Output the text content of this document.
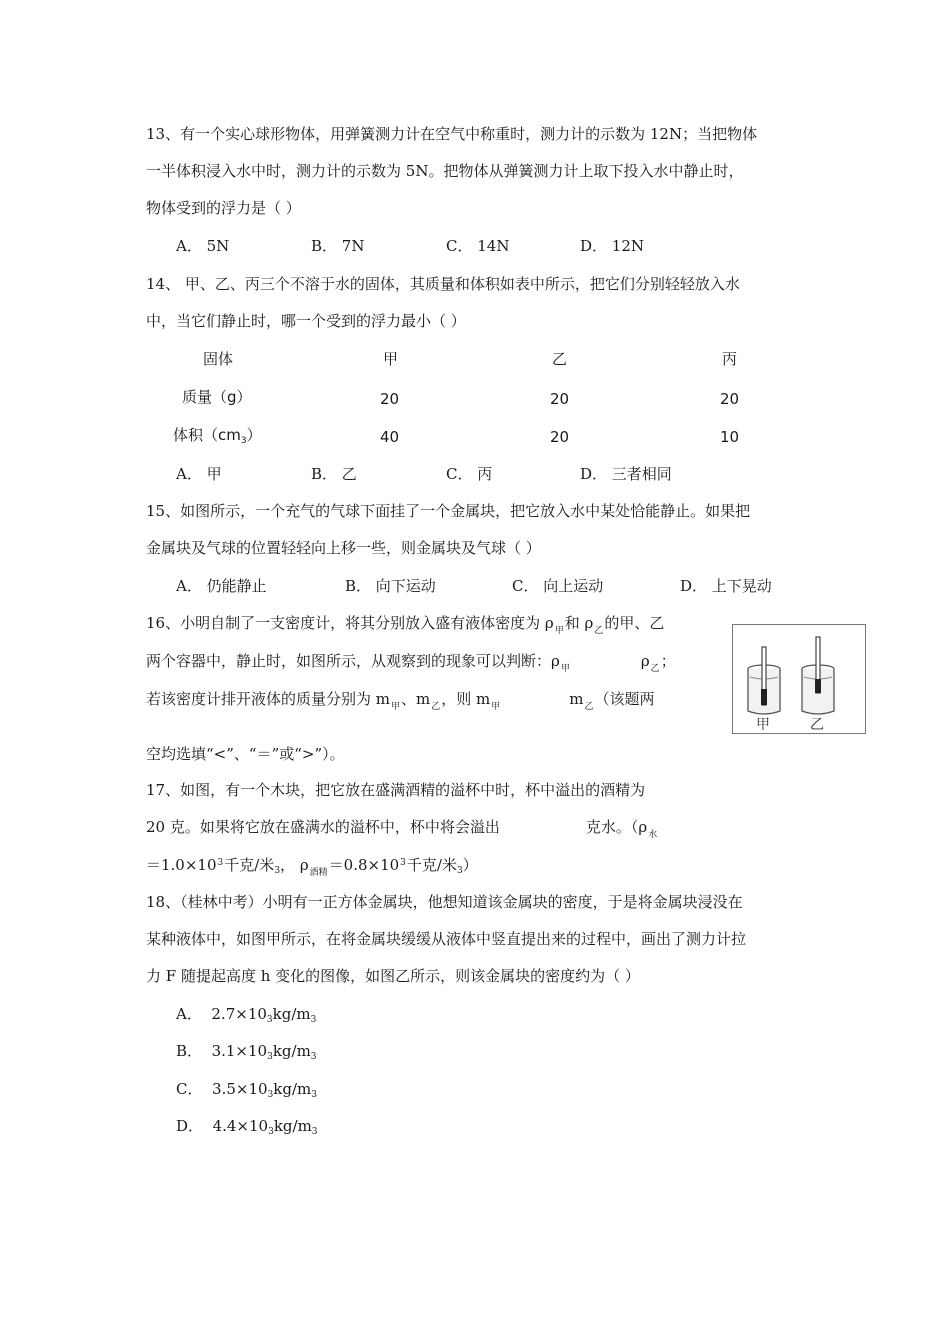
13、有一个实心球形物体，用弹簧测力计在空气中称重时，测力计的示数为 12N；当把物体
一半体积浸入水中时，测力计的示数为 5N。把物体从弹簧测力计上取下投入水中静止时，
物体受到的浮力是（ ）
A． 5N	B． 7N	C． 14N	D． 12N
14、 甲、乙、丙三个不溶于水的固体，其质量和体积如表中所示，把它们分别轻轻放入水
中，当它们静止时，哪一个受到的浮力最小（ ）
固体	甲	乙	丙
质量（g）	20	20	20
体积$(cm_3)$	40	20	10
A． 甲	B． 乙	C． 丙	D． 三者相同
15、如图所示，一个充气的气球下面挂了一个金属块，把它放入水中某处恰能静止。如果把
金属块及气球的位置轻轻向上移一些，则金属块及气球（ ）
A． 仍能静止	B． 向下运动	C． 向上运动	D． 上下晃动
16、小明自制了一支密度计，将其分别放入盛有液体密度为 $\rho_甲$和 $\rho_乙$的甲、乙
两个容器中，静止时，如图所示，从观察到的现象可以判断：$\rho_甲$	$\rho_乙$；
若该密度计排开液体的质量分别为 $m_甲$、$m_乙$，则 $m_甲$	$m_乙$（该题两
空均选填“<”、“＝”或“>”）。
甲	乙
17、如图，有一个木块，把它放在盛满酒精的溢杯中时，杯中溢出的酒精为
20 克。如果将它放在盛满水的溢杯中，杯中将会溢出	克水。（$\rho_水$
$=1.0\times 10^3$千克/米$_3$， $\rho_{酒精}=0.8\times 10^3$千克/米$_3$）
18、（桂林中考）小明有一正方体金属块，他想知道该金属块的密度，于是将金属块浸没在
某种液体中，如图甲所示，在将金属块缓缓从液体中竖直提出来的过程中，画出了测力计拉
力 F 随提起高度 h 变化的图像，如图乙所示，则该金属块的密度约为（ ）
A． $2.7\times 10_3kg/m_3$
B． $3.1\times 10_3kg/m_3$
C． $3.5\times 10_3kg/m_3$
D． $4.4\times 10_3kg/m_3$
